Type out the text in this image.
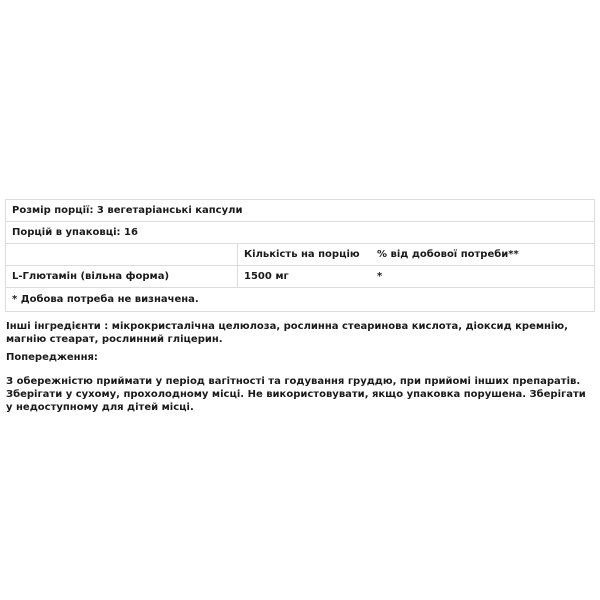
Розмір порції: 3 вегетаріанські капсули		
Порцій в упаковці: 16		
	Кількість на порцію	% від добової потреби**
L-Глютамін (вільна форма)	1500 мг	*
* Добова потреба не визначена.		

Інші інгредієнти : мікрокристалічна целюлоза, рослинна стеаринова кислота, діоксид кремнію, магнію стеарат, рослинний гліцерин.

Попередження:

З обережністю приймати у період вагітності та годування груддю, при прийомі інших препаратів. Зберігати у сухому, прохолодному місці. Не використовувати, якщо упаковка порушена. Зберігати у недоступному для дітей місці.
